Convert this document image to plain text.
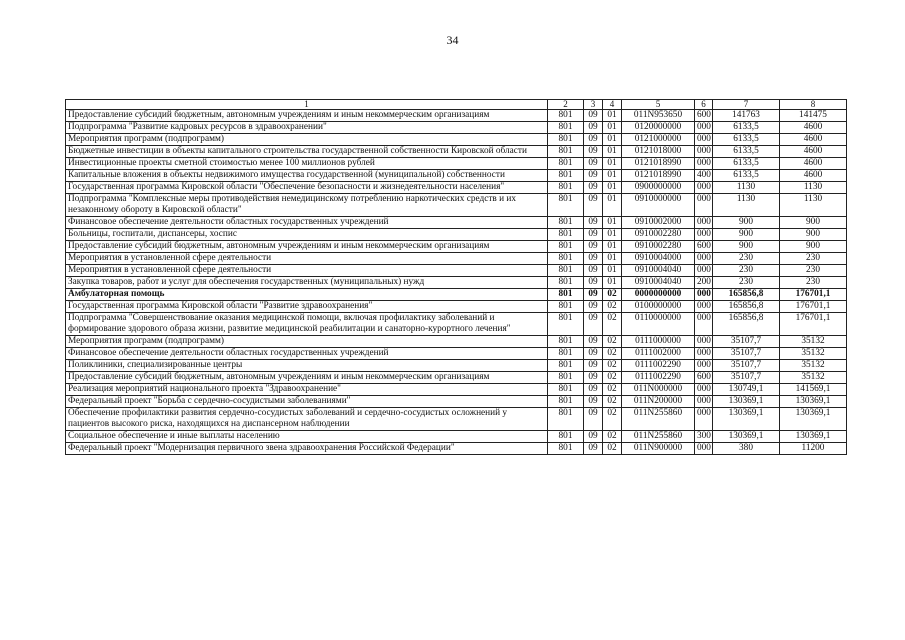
34
1	2	3	4	5	6	7	8
Предоставление субсидий бюджетным, автономным учреждениям и иным некоммерческим организациям	801	09	01	011N953650	600	141763	141475
Подпрограмма "Развитие кадровых ресурсов в здравоохранении"	801	09	01	0120000000	000	6133,5	4600
Мероприятия программ (подпрограмм)	801	09	01	0121000000	000	6133,5	4600
Бюджетные инвестиции в объекты капитального строительства государственной собственности Кировской области	801	09	01	0121018000	000	6133,5	4600
Инвестиционные проекты сметной стоимостью менее 100 миллионов рублей	801	09	01	0121018990	000	6133,5	4600
Капитальные вложения в объекты недвижимого имущества государственной (муниципальной) собственности	801	09	01	0121018990	400	6133,5	4600
Государственная программа Кировской области "Обеспечение безопасности и жизнедеятельности населения"	801	09	01	0900000000	000	1130	1130
Подпрограмма "Комплексные меры противодействия немедицинскому потреблению наркотических средств и их незаконному обороту в Кировской области"	801	09	01	0910000000	000	1130	1130
Финансовое обеспечение деятельности областных государственных учреждений	801	09	01	0910002000	000	900	900
Больницы, госпитали, диспансеры, хоспис	801	09	01	0910002280	000	900	900
Предоставление субсидий бюджетным, автономным учреждениям и иным некоммерческим организациям	801	09	01	0910002280	600	900	900
Мероприятия в установленной сфере деятельности	801	09	01	0910004000	000	230	230
Мероприятия в установленной сфере деятельности	801	09	01	0910004040	000	230	230
Закупка товаров, работ и услуг для обеспечения государственных (муниципальных) нужд	801	09	01	0910004040	200	230	230
Амбулаторная помощь	801	09	02	0000000000	000	165856,8	176701,1
Государственная программа Кировской области "Развитие здравоохранения"	801	09	02	0100000000	000	165856,8	176701,1
Подпрограмма "Совершенствование оказания медицинской помощи, включая профилактику заболеваний и формирование здорового образа жизни, развитие медицинской реабилитации и санаторно-курортного лечения"	801	09	02	0110000000	000	165856,8	176701,1
Мероприятия программ (подпрограмм)	801	09	02	0111000000	000	35107,7	35132
Финансовое обеспечение деятельности областных государственных учреждений	801	09	02	0111002000	000	35107,7	35132
Поликлиники, специализированные центры	801	09	02	0111002290	000	35107,7	35132
Предоставление субсидий бюджетным, автономным учреждениям и иным некоммерческим организациям	801	09	02	0111002290	600	35107,7	35132
Реализация мероприятий национального проекта "Здравоохранение"	801	09	02	011N000000	000	130749,1	141569,1
Федеральный проект "Борьба с сердечно-сосудистыми заболеваниями"	801	09	02	011N200000	000	130369,1	130369,1
Обеспечение профилактики развития сердечно-сосудистых заболеваний и сердечно-сосудистых осложнений у пациентов высокого риска, находящихся на диспансерном наблюдении	801	09	02	011N255860	000	130369,1	130369,1
Социальное обеспечение и иные выплаты населению	801	09	02	011N255860	300	130369,1	130369,1
Федеральный проект "Модернизация первичного звена здравоохранения Российской Федерации"	801	09	02	011N900000	000	380	11200
